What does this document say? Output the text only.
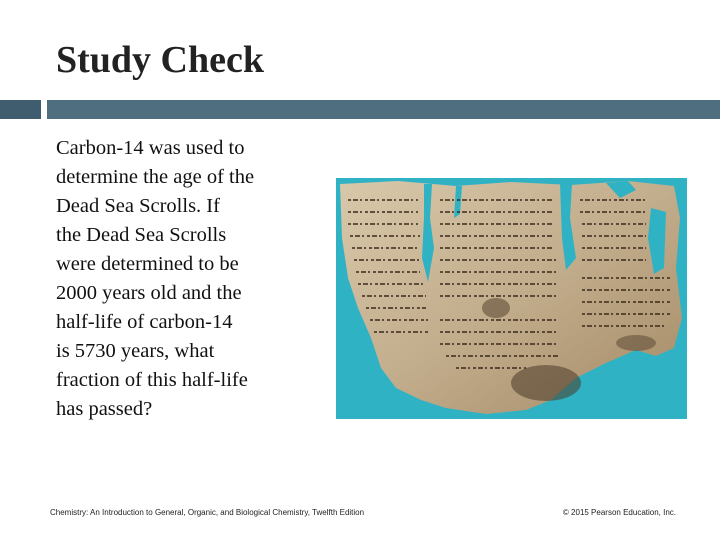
Study Check
Carbon-14 was used to
determine the age of the
Dead Sea Scrolls. If
the Dead Sea Scrolls
were determined to be
2000 years old and the
half-life of carbon-14
is 5730 years, what
fraction of this half-life
has passed?
Chemistry: An Introduction to General, Organic, and Biological Chemistry, Twelfth Edition	© 2015 Pearson Education, Inc.
